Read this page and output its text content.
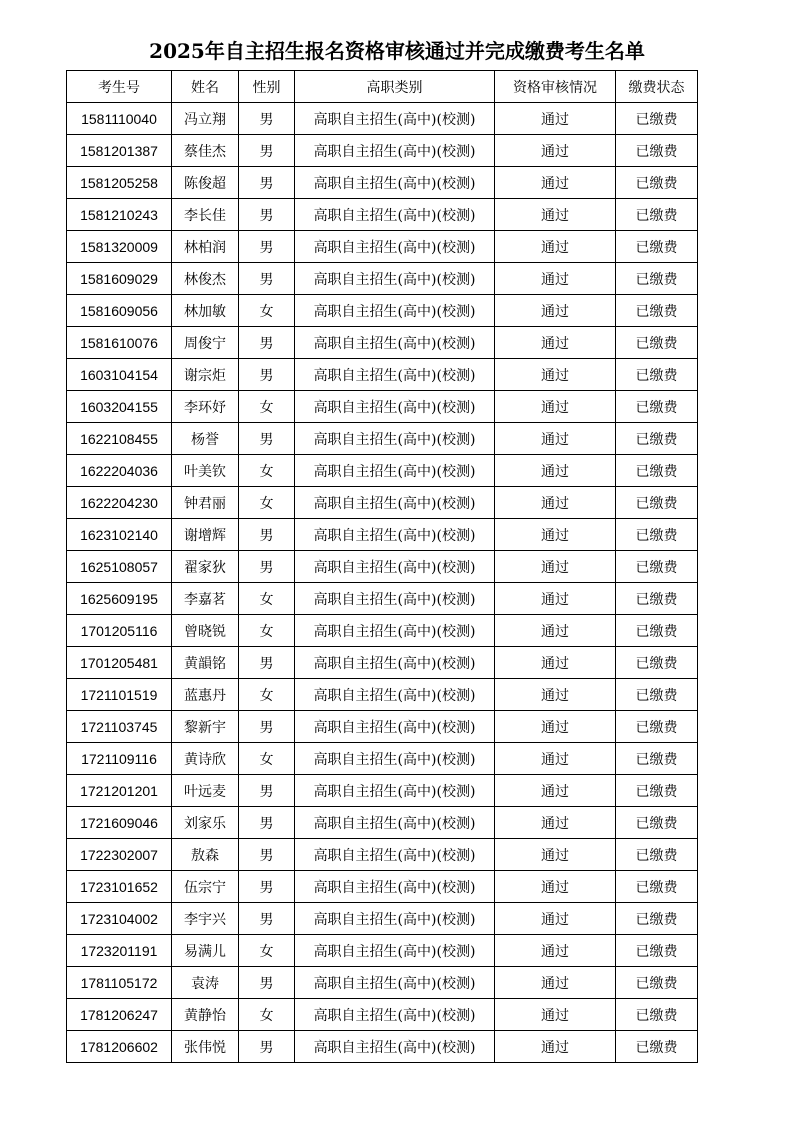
2025年自主招生报名资格审核通过并完成缴费考生名单
考生号	姓名	性别	高职类别	资格审核情况	缴费状态
1581110040	冯立翔	男	高职自主招生(高中)(校测)	通过	已缴费
1581201387	蔡佳杰	男	高职自主招生(高中)(校测)	通过	已缴费
1581205258	陈俊超	男	高职自主招生(高中)(校测)	通过	已缴费
1581210243	李长佳	男	高职自主招生(高中)(校测)	通过	已缴费
1581320009	林柏润	男	高职自主招生(高中)(校测)	通过	已缴费
1581609029	林俊杰	男	高职自主招生(高中)(校测)	通过	已缴费
1581609056	林加敏	女	高职自主招生(高中)(校测)	通过	已缴费
1581610076	周俊宁	男	高职自主招生(高中)(校测)	通过	已缴费
1603104154	谢宗炬	男	高职自主招生(高中)(校测)	通过	已缴费
1603204155	李环妤	女	高职自主招生(高中)(校测)	通过	已缴费
1622108455	杨誉	男	高职自主招生(高中)(校测)	通过	已缴费
1622204036	叶美钦	女	高职自主招生(高中)(校测)	通过	已缴费
1622204230	钟君丽	女	高职自主招生(高中)(校测)	通过	已缴费
1623102140	谢增辉	男	高职自主招生(高中)(校测)	通过	已缴费
1625108057	翟家狄	男	高职自主招生(高中)(校测)	通过	已缴费
1625609195	李嘉茗	女	高职自主招生(高中)(校测)	通过	已缴费
1701205116	曾晓锐	女	高职自主招生(高中)(校测)	通过	已缴费
1701205481	黄韻铭	男	高职自主招生(高中)(校测)	通过	已缴费
1721101519	蓝惠丹	女	高职自主招生(高中)(校测)	通过	已缴费
1721103745	黎新宇	男	高职自主招生(高中)(校测)	通过	已缴费
1721109116	黄诗欣	女	高职自主招生(高中)(校测)	通过	已缴费
1721201201	叶远麦	男	高职自主招生(高中)(校测)	通过	已缴费
1721609046	刘家乐	男	高职自主招生(高中)(校测)	通过	已缴费
1722302007	敖森	男	高职自主招生(高中)(校测)	通过	已缴费
1723101652	伍宗宁	男	高职自主招生(高中)(校测)	通过	已缴费
1723104002	李宇兴	男	高职自主招生(高中)(校测)	通过	已缴费
1723201191	易满儿	女	高职自主招生(高中)(校测)	通过	已缴费
1781105172	袁涛	男	高职自主招生(高中)(校测)	通过	已缴费
1781206247	黄静怡	女	高职自主招生(高中)(校测)	通过	已缴费
1781206602	张伟悦	男	高职自主招生(高中)(校测)	通过	已缴费
